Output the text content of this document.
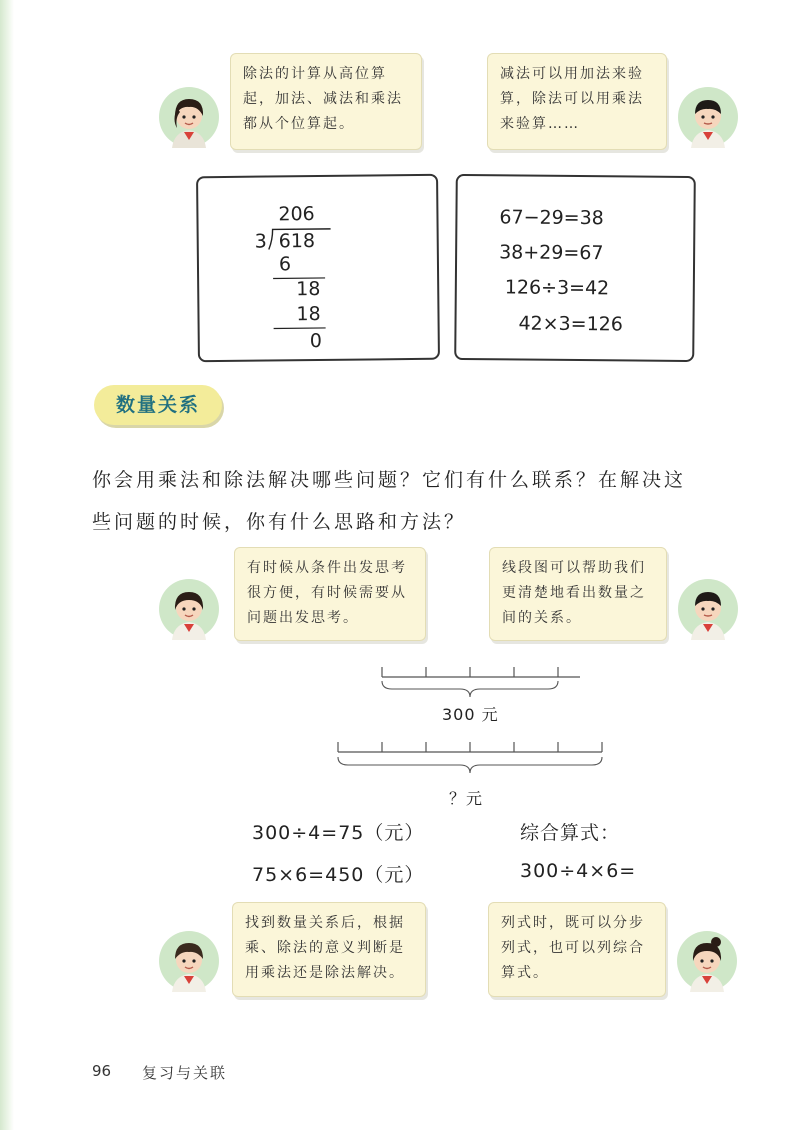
除法的计算从高位算
起，加法、减法和乘法
都从个位算起。
减法可以用加法来验
算，除法可以用乘法
来验算……
206
3 618
6
18
18
0
67−29=38
38+29=67
126÷3=42
42×3=126
数量关系
你会用乘法和除法解决哪些问题？它们有什么联系？在解决这
些问题的时候，你有什么思路和方法？
有时候从条件出发思考
很方便，有时候需要从
问题出发思考。
线段图可以帮助我们
更清楚地看出数量之
间的关系。
300 元
？元
300÷4=75（元）
75×6=450（元）
综合算式：
300÷4×6=
找到数量关系后，根据
乘、除法的意义判断是
用乘法还是除法解决。
列式时，既可以分步
列式，也可以列综合
算式。
96 复习与关联
